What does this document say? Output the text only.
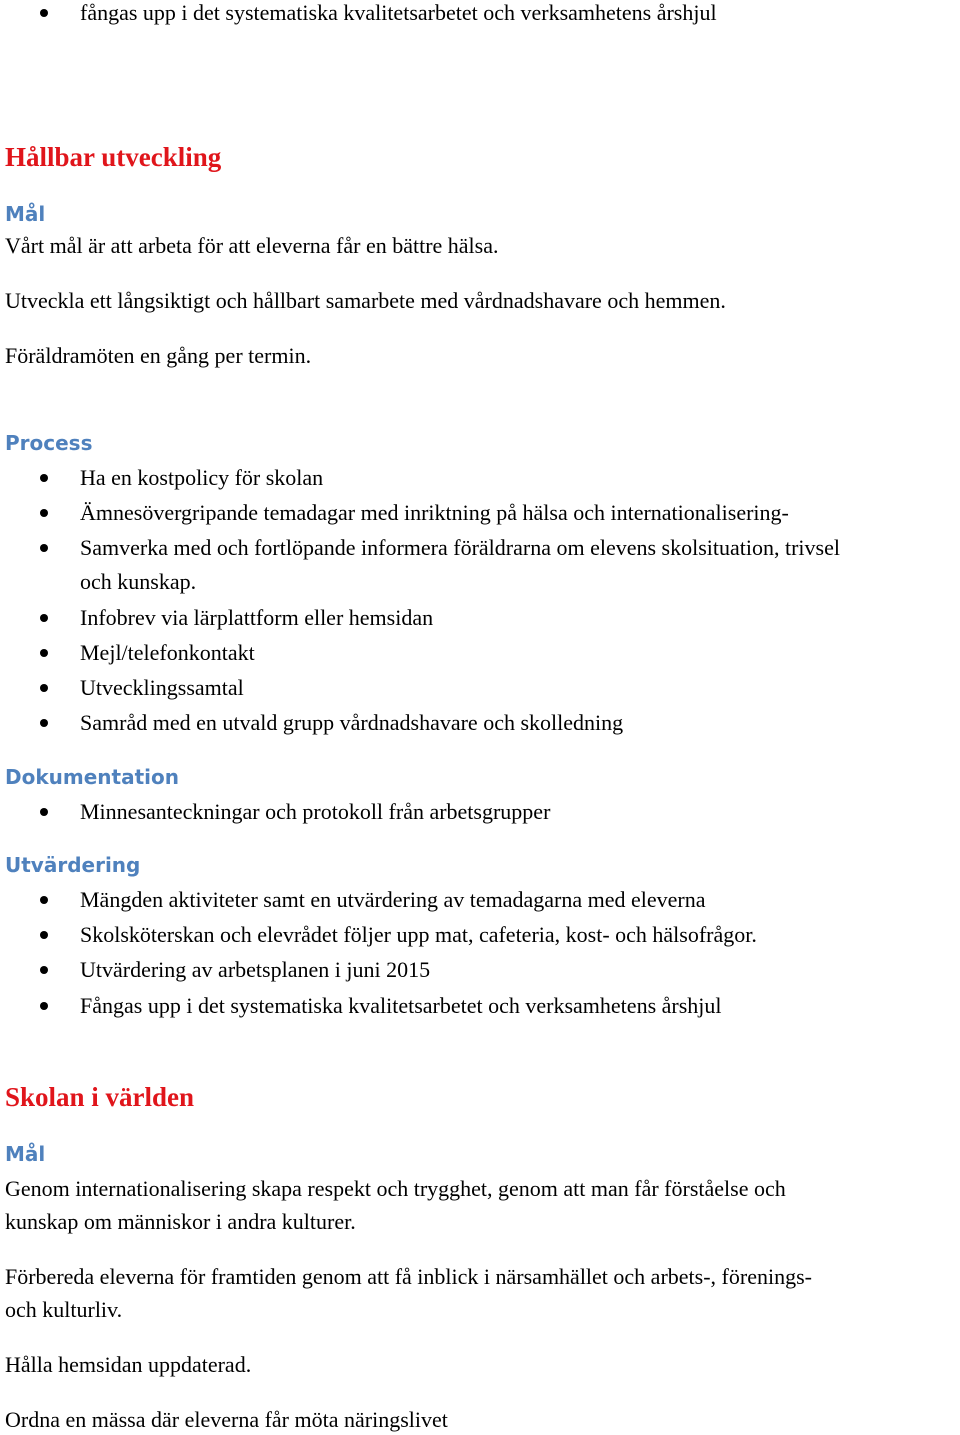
fångas upp i det systematiska kvalitetsarbetet och verksamhetens årshjul
Hållbar utveckling
Mål
Vårt mål är att arbeta för att eleverna får en bättre hälsa.
Utveckla ett långsiktigt och hållbart samarbete med vårdnadshavare och hemmen.
Föräldramöten en gång per termin.
Process
Ha en kostpolicy för skolan
Ämnesövergripande temadagar med inriktning på hälsa och internationalisering-
Samverka med och fortlöpande informera föräldrarna om elevens skolsituation, trivsel
och kunskap.
Infobrev via lärplattform eller hemsidan
Mejl/telefonkontakt
Utvecklingssamtal
Samråd med en utvald grupp vårdnadshavare och skolledning
Dokumentation
Minnesanteckningar och protokoll från arbetsgrupper
Utvärdering
Mängden aktiviteter samt en utvärdering av temadagarna med eleverna
Skolsköterskan och elevrådet följer upp mat, cafeteria, kost- och hälsofrågor.
Utvärdering av arbetsplanen i juni 2015
Fångas upp i det systematiska kvalitetsarbetet och verksamhetens årshjul
Skolan i världen
Mål
Genom internationalisering skapa respekt och trygghet, genom att man får förståelse och
kunskap om människor i andra kulturer.
Förbereda eleverna för framtiden genom att få inblick i närsamhället och arbets-, förenings-
och kulturliv.
Hålla hemsidan uppdaterad.
Ordna en mässa där eleverna får möta näringslivet
